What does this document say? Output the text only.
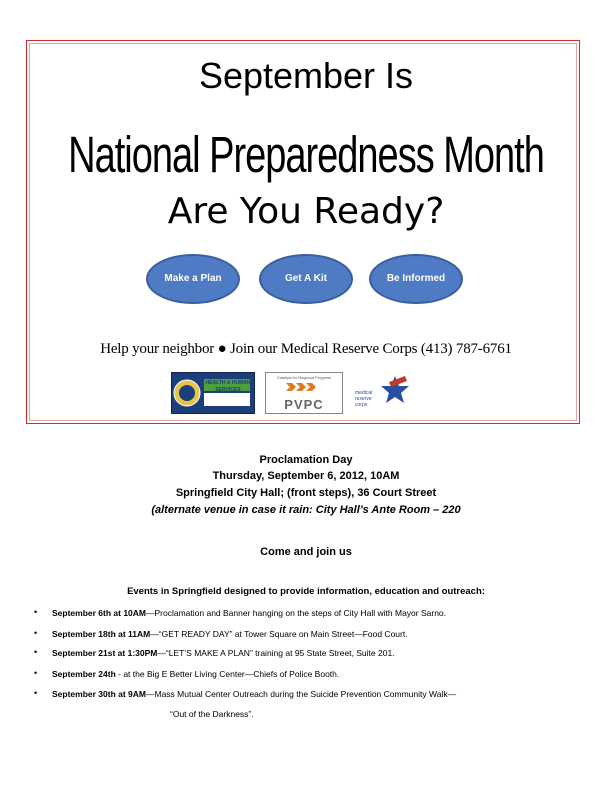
September Is
National Preparedness Month
Are You Ready?
Make a Plan	Get A Kit	Be Informed
Help your neighbor ● Join our Medical Reserve Corps (413) 787-6761
HEALTH & HUMAN SERVICES
Catalyst for Regional Progress
PVPC
medical reserve corps
Proclamation Day
Thursday, September 6, 2012, 10AM
Springfield City Hall; (front steps), 36 Court Street
(alternate venue in case it rain: City Hall’s Ante Room – 220
Come and join us
Events in Springfield designed to provide information, education and outreach:
• September 6th at 10AM—Proclamation and Banner hanging on the steps of City Hall with Mayor Sarno.
• September 18th at 11AM—“GET READY DAY” at Tower Square on Main Street—Food Court.
• September 21st at 1:30PM—“LET’S MAKE A PLAN” training at 95 State Street, Suite 201.
• September 24th - at the Big E Better Living Center—Chiefs of Police Booth.
• September 30th at 9AM—Mass Mutual Center Outreach during the Suicide Prevention Community Walk—
“Out of the Darkness”.
